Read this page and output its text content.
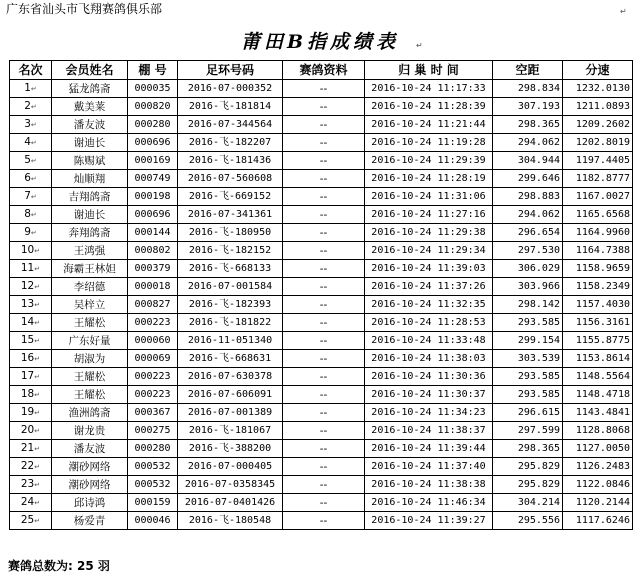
广东省汕头市飞翔赛鸽俱乐部	↵
莆田B指成绩表	↵
名次	会员姓名	棚 号	足环号码	赛鸽资料	归 巢 时 间	空距	分速
1↵	猛龙鸽斋	000035	2016-07-000352	--	2016-10-24 11:17:33	298.834	1232.0130
2↵	戴美莱	000820	2016-飞-181814	--	2016-10-24 11:28:39	307.193	1211.0893
3↵	潘友波	000280	2016-07-344564	--	2016-10-24 11:21:44	298.365	1209.2602
4↵	谢迪长	000696	2016-飞-182207	--	2016-10-24 11:19:28	294.062	1202.8019
5↵	陈赐斌	000169	2016-飞-181436	--	2016-10-24 11:29:39	304.944	1197.4405
6↵	灿顺翔	000749	2016-07-560608	--	2016-10-24 11:28:19	299.646	1182.8777
7↵	吉翔鸽斋	000198	2016-飞-669152	--	2016-10-24 11:31:06	298.883	1167.0027
8↵	谢迪长	000696	2016-07-341361	--	2016-10-24 11:27:16	294.062	1165.6568
9↵	奔翔鸽斋	000144	2016-飞-180950	--	2016-10-24 11:29:38	296.654	1164.9960
10↵	王鸿强	000802	2016-飞-182152	--	2016-10-24 11:29:34	297.530	1164.7388
11↵	海霸王林妲	000379	2016-飞-668133	--	2016-10-24 11:39:03	306.029	1158.9659
12↵	李绍德	000018	2016-07-001584	--	2016-10-24 11:37:26	303.966	1158.2349
13↵	吴梓立	000827	2016-飞-182393	--	2016-10-24 11:32:35	298.142	1157.4030
14↵	王耀松	000223	2016-飞-181822	--	2016-10-24 11:28:53	293.585	1156.3161
15↵	广东好量	000060	2016-11-051340	--	2016-10-24 11:33:48	299.154	1155.8775
16↵	胡淑为	000069	2016-飞-668631	--	2016-10-24 11:38:03	303.539	1153.8614
17↵	王耀松	000223	2016-07-630378	--	2016-10-24 11:30:36	293.585	1148.5564
18↵	王耀松	000223	2016-07-606091	--	2016-10-24 11:30:37	293.585	1148.4718
19↵	渔洲鸽斋	000367	2016-07-001389	--	2016-10-24 11:34:23	296.615	1143.4841
20↵	谢龙贵	000275	2016-飞-181067	--	2016-10-24 11:38:37	297.599	1128.8068
21↵	潘友波	000280	2016-飞-388200	--	2016-10-24 11:39:44	298.365	1127.0050
22↵	潮砂网络	000532	2016-07-000405	--	2016-10-24 11:37:40	295.829	1126.2483
23↵	潮砂网络	000532	2016-07-0358345	--	2016-10-24 11:38:38	295.829	1122.0846
24↵	邱诗鸿	000159	2016-07-0401426	--	2016-10-24 11:46:34	304.214	1120.2144
25↵	杨爱青	000046	2016-飞-180548	--	2016-10-24 11:39:27	295.556	1117.6246
赛鸽总数为: 25 羽
